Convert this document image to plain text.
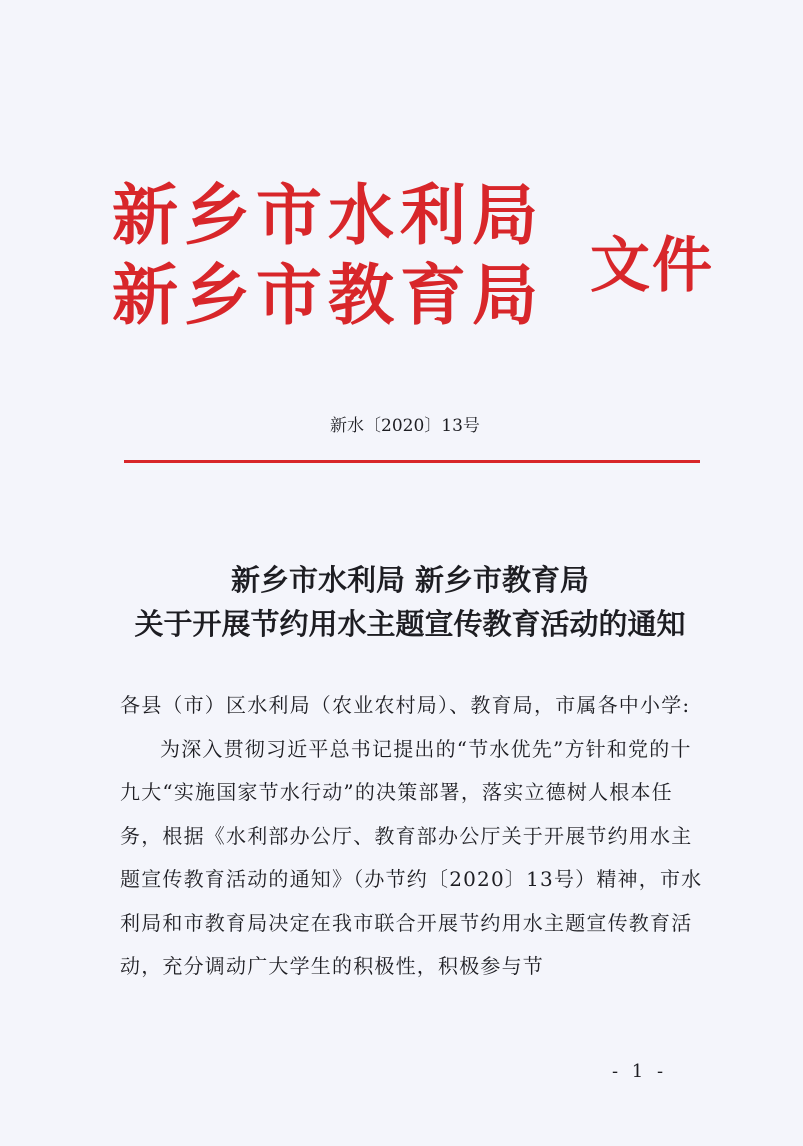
新乡市水利局
新乡市教育局 文件
新水〔2020〕13号
新乡市水利局 新乡市教育局
关于开展节约用水主题宣传教育活动的通知

各县（市）区水利局（农业农村局）、教育局，市属各中小学:

为深入贯彻习近平总书记提出的“节水优先”方针和党的十九大“实施国家节水行动”的决策部署，落实立德树人根本任务，根据《水利部办公厅、教育部办公厅关于开展节约用水主题宣传教育活动的通知》（办节约〔2020〕13号）精神，市水利局和市教育局决定在我市联合开展节约用水主题宣传教育活动，充分调动广大学生的积极性，积极参与节

- 1 -
